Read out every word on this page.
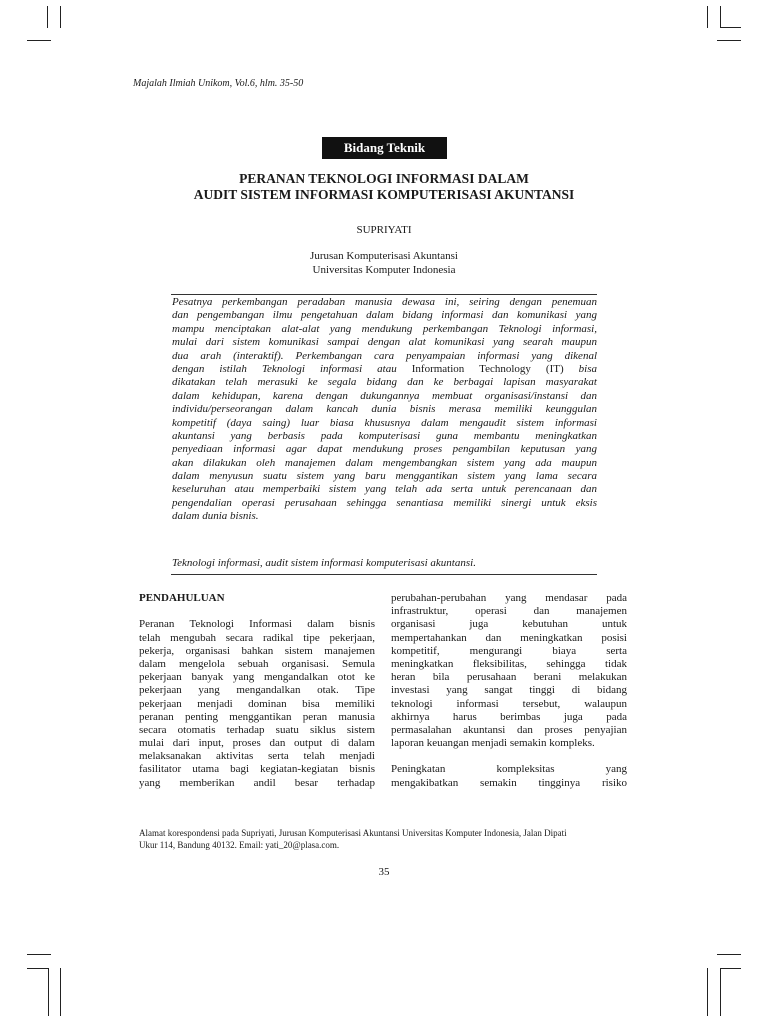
Majalah Ilmiah Unikom, Vol.6, hlm. 35-50
Bidang Teknik
PERANAN TEKNOLOGI INFORMASI DALAM
AUDIT SISTEM INFORMASI KOMPUTERISASI AKUNTANSI
SUPRIYATI
Jurusan Komputerisasi Akuntansi
Universitas Komputer Indonesia
Pesatnya perkembangan peradaban manusia dewasa ini, seiring dengan penemuan
dan pengembangan ilmu pengetahuan dalam bidang informasi dan komunikasi yang
mampu menciptakan alat-alat yang mendukung perkembangan Teknologi informasi,
mulai dari sistem komunikasi sampai dengan alat komunikasi yang searah maupun
dua arah (interaktif). Perkembangan cara penyampaian informasi yang dikenal
dengan istilah Teknologi informasi atau Information Technology (IT) bisa
dikatakan telah merasuki ke segala bidang dan ke berbagai lapisan masyarakat
dalam kehidupan, karena dengan dukungannya membuat organisasi/instansi dan
individu/perseorangan dalam kancah dunia bisnis merasa memiliki keunggulan
kompetitif (daya saing) luar biasa khususnya dalam mengaudit sistem informasi
akuntansi yang berbasis pada komputerisasi guna membantu meningkatkan
penyediaan informasi agar dapat mendukung proses pengambilan keputusan yang
akan dilakukan oleh manajemen dalam mengembangkan sistem yang ada maupun
dalam menyusun suatu sistem yang baru menggantikan sistem yang lama secara
keseluruhan atau memperbaiki sistem yang telah ada serta untuk perencanaan dan
pengendalian operasi perusahaan sehingga senantiasa memiliki sinergi untuk eksis
dalam dunia bisnis.
Teknologi informasi, audit sistem informasi komputerisasi akuntansi.
PENDAHULUAN
Peranan Teknologi Informasi dalam bisnis
telah mengubah secara radikal tipe pekerjaan,
pekerja, organisasi bahkan sistem manajemen
dalam mengelola sebuah organisasi. Semula
pekerjaan banyak yang mengandalkan otot ke
pekerjaan yang mengandalkan otak. Tipe
pekerjaan menjadi dominan bisa memiliki
peranan penting menggantikan peran manusia
secara otomatis terhadap suatu siklus sistem
mulai dari input, proses dan output di dalam
melaksanakan aktivitas serta telah menjadi
fasilitator utama bagi kegiatan-kegiatan bisnis
yang memberikan andil besar terhadap
perubahan-perubahan yang mendasar pada
infrastruktur, operasi dan manajemen
organisasi juga kebutuhan untuk
mempertahankan dan meningkatkan posisi
kompetitif, mengurangi biaya serta
meningkatkan fleksibilitas, sehingga tidak
heran bila perusahaan berani melakukan
investasi yang sangat tinggi di bidang
teknologi informasi tersebut, walaupun
akhirnya harus berimbas juga pada
permasalahan akuntansi dan proses penyajian
laporan keuangan menjadi semakin kompleks.
Peningkatan kompleksitas yang
mengakibatkan semakin tingginya risiko
Alamat korespondensi pada Supriyati, Jurusan Komputerisasi Akuntansi Universitas Komputer Indonesia, Jalan Dipati
Ukur 114, Bandung 40132. Email: yati_20@plasa.com.
35
